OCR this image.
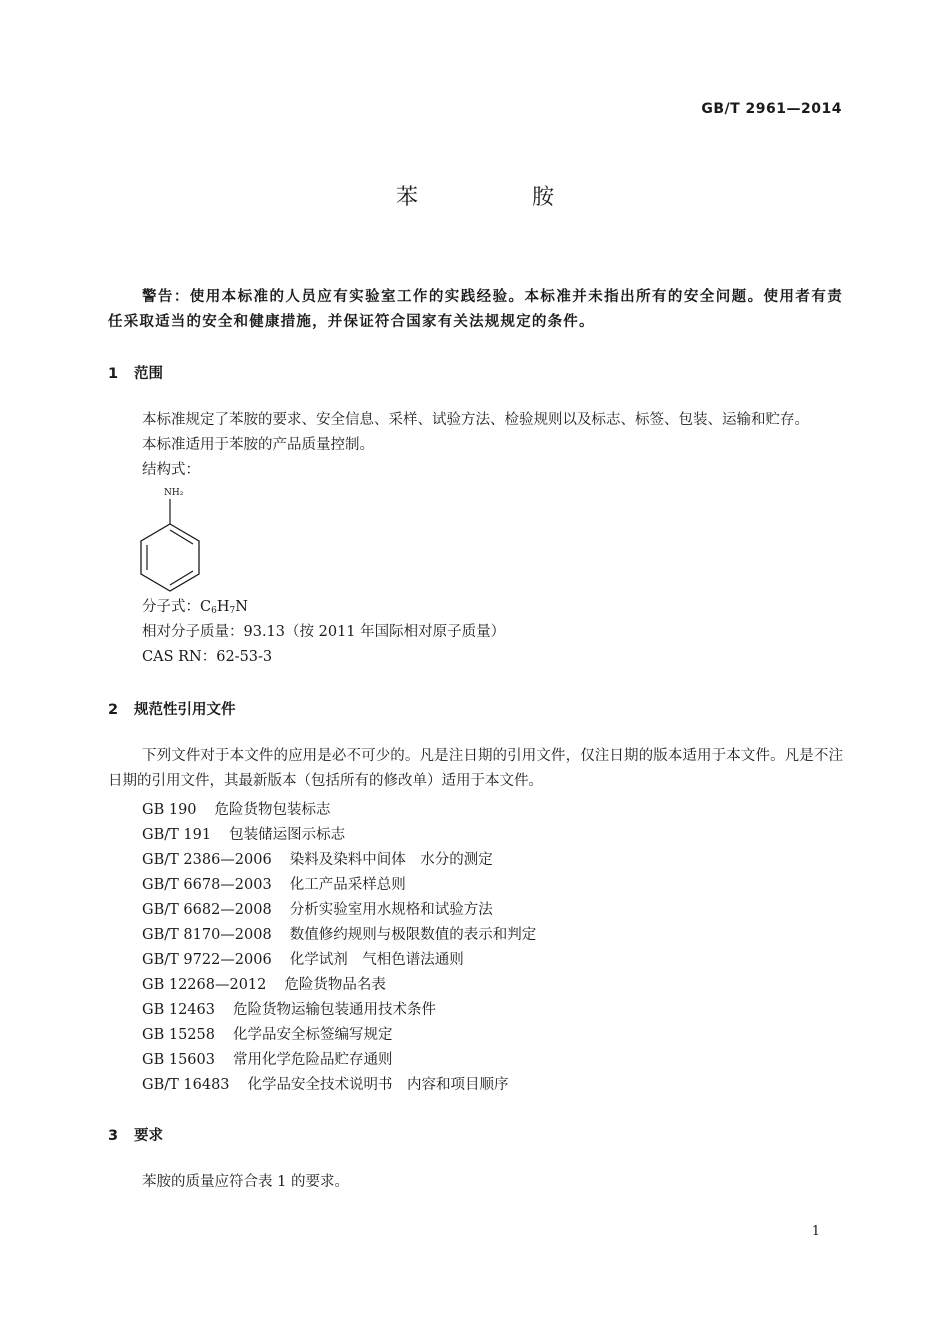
GB/T 2961—2014
苯　胺
警告：使用本标准的人员应有实验室工作的实践经验。本标准并未指出所有的安全问题。使用者有责任采取适当的安全和健康措施，并保证符合国家有关法规规定的条件。
1 范围
本标准规定了苯胺的要求、安全信息、采样、试验方法、检验规则以及标志、标签、包装、运输和贮存。
本标准适用于苯胺的产品质量控制。
结构式：
NH₂
分子式：$C_6H_7N$
相对分子质量：93.13（按 2011 年国际相对原子质量）
CAS RN：62-53-3
2 规范性引用文件
下列文件对于本文件的应用是必不可少的。凡是注日期的引用文件，仅注日期的版本适用于本文件。凡是不注日期的引用文件，其最新版本（包括所有的修改单）适用于本文件。
GB 190 危险货物包装标志
GB/T 191 包装储运图示标志
GB/T 2386—2006 染料及染料中间体　水分的测定
GB/T 6678—2003 化工产品采样总则
GB/T 6682—2008 分析实验室用水规格和试验方法
GB/T 8170—2008 数值修约规则与极限数值的表示和判定
GB/T 9722—2006 化学试剂　气相色谱法通则
GB 12268—2012 危险货物品名表
GB 12463 危险货物运输包装通用技术条件
GB 15258 化学品安全标签编写规定
GB 15603 常用化学危险品贮存通则
GB/T 16483 化学品安全技术说明书　内容和项目顺序
3 要求
苯胺的质量应符合表 1 的要求。
1
